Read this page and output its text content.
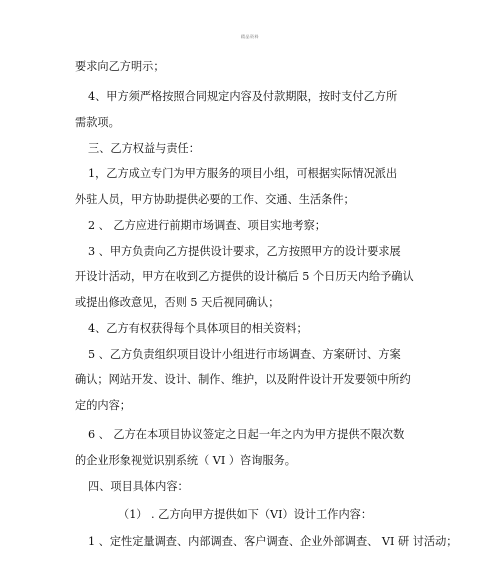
精品资料
要求向乙方明示；
4、甲方须严格按照合同规定内容及付款期限，按时支付乙方所
需款项。
三、乙方权益与责任：
1，乙方成立专门为甲方服务的项目小组，可根据实际情况派出
外驻人员，甲方协助提供必要的工作、交通、生活条件；
2 、 乙方应进行前期市场调查、项目实地考察；
3 、甲方负责向乙方提供设计要求，乙方按照甲方的设计要求展
开设计活动，甲方在收到乙方提供的设计稿后 5 个日历天内给予确认
或提出修改意见，否则 5 天后视同确认；
4、乙方有权获得每个具体项目的相关资料；
5 、乙方负责组织项目设计小组进行市场调查、方案研讨、方案
确认；网站开发、设计、制作、维护，以及附件设计开发要领中所约
定的内容；
6 、 乙方在本项目协议签定之日起一年之内为甲方提供不限次数
的企业形象视觉识别系统（ VI ）咨询服务。
四、项目具体内容：
（1） . 乙方向甲方提供如下（VI）设计工作内容：
1 、定性定量调查、内部调查、客户调查、企业外部调查、 VI 研 讨活动；
